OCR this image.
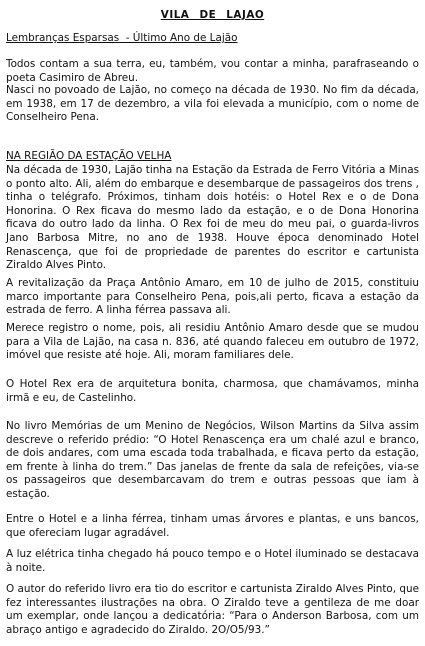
VILA DE LAJAO
Lembranças Esparsas  - Último Ano de Lajão

Todos contam a sua terra, eu, também, vou contar a minha, parafraseando o poeta Casimiro de Abreu.

Nasci no povoado de Lajão, no começo na década de 1930. No fim da década, em 1938, em 17 de dezembro, a vila foi elevada a município, com o nome de Conselheiro Pena.

NA REGIÃO DA ESTAÇÃO VELHA

Na década de 1930, Lajão tinha na Estação da Estrada de Ferro Vitória a Minas o ponto alto. Ali, além do embarque e desembarque de passageiros dos trens , tinha o telégrafo. Próximos, tinham dois hotéis: o Hotel Rex e o de Dona Honorina. O Rex ficava do mesmo lado da estação, e o de Dona Honorina ficava do outro lado da linha. O Rex foi de meu do meu pai, o guarda-livros Jano Barbosa Mitre, no ano de 1938. Houve época denominado Hotel Renascença, que foi de propriedade de parentes do escritor e cartunista Ziraldo Alves Pinto.

A revitalização da Praça Antônio Amaro, em 10 de julho de 2015, constituiu marco importante para Conselheiro Pena, pois,ali perto, ficava a estação da estrada de ferro. A linha férrea passava ali.

Merece registro o nome, pois, ali residiu Antônio Amaro desde que se mudou para a Vila de Lajão, na casa n. 836, até quando faleceu em outubro de 1972, imóvel que resiste até hoje. Ali, moram familiares dele.

O Hotel Rex era de arquitetura bonita, charmosa, que chamávamos, minha irmã e eu, de Castelinho.

No livro Memórias de um Menino de Negócios, Wilson Martins da Silva assim descreve o referido prédio: “O Hotel Renascença era um chalé azul e branco, de dois andares, com uma escada toda trabalhada, e ficava perto da estação, em frente à linha do trem.” Das janelas de frente da sala de refeições, via-se os passageiros que desembarcavam do trem e outras pessoas que iam à estação.

Entre o Hotel e a linha férrea, tinham umas árvores e plantas, e uns bancos, que ofereciam lugar agradável.

A luz elétrica tinha chegado há pouco tempo e o Hotel iluminado se destacava à noite.

O autor do referido livro era tio do escritor e cartunista Ziraldo Alves Pinto, que fez interessantes ilustrações na obra. O Ziraldo teve a gentileza de me doar um exemplar, onde lançou a dedicatória: “Para o Anderson Barbosa, com um abraço antigo e agradecido do Ziraldo. 2O/O5/93.”
